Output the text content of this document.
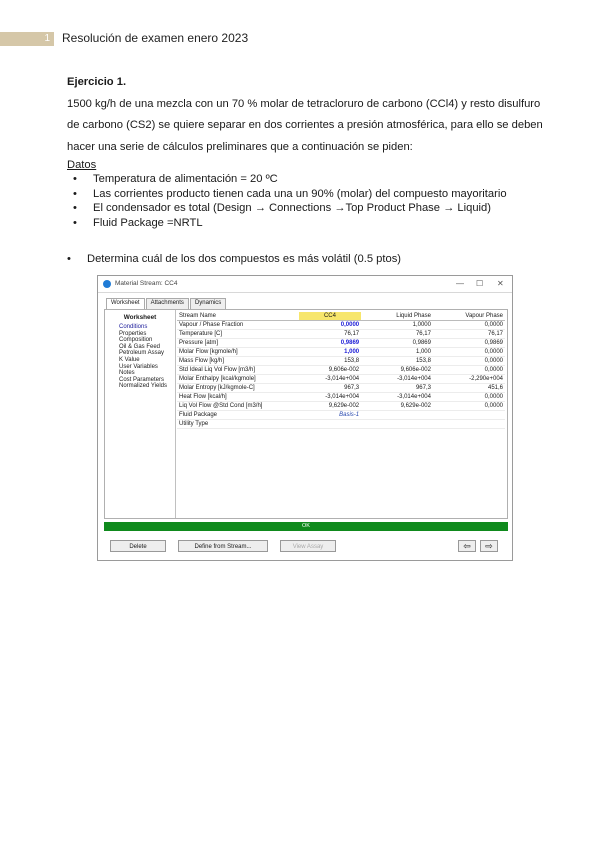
1	Resolución de examen enero 2023

Ejercicio 1.

1500 kg/h de una mezcla con un 70 % molar de tetracloruro de carbono (CCl4) y resto disulfuro

de carbono (CS2) se quiere separar en dos corrientes a presión atmosférica, para ello se deben

hacer una serie de cálculos preliminares que a continuación se piden:

Datos

• Temperatura de alimentación = 20 ºC
• Las corrientes producto tienen cada una un 90% (molar) del compuesto mayoritario
• El condensador es total (Design → Connections →Top Product Phase → Liquid)
• Fluid Package =NRTL
• Determina cuál de los dos compuestos es más volátil (0.5 ptos)
Material Stream: CC4	— ☐ ✕
Worksheet	Attachments	Dynamics
Worksheet
Conditions
Properties
Composition
Oil & Gas Feed
Petroleum Assay
K Value
User Variables
Notes
Cost Parameters
Normalized Yields
Stream Name	CC4	Liquid Phase	Vapour Phase
Vapour / Phase Fraction	0,0000	1,0000	0,0000
Temperature [C]	76,17	76,17	76,17
Pressure [atm]	0,9869	0,9869	0,9869
Molar Flow [kgmole/h]	1,000	1,000	0,0000
Mass Flow [kg/h]	153,8	153,8	0,0000
Std Ideal Liq Vol Flow [m3/h]	9,606e-002	9,606e-002	0,0000
Molar Enthalpy [kcal/kgmole]	-3,014e+004	-3,014e+004	-2,290e+004
Molar Entropy [kJ/kgmole-C]	967,3	967,3	451,6
Heat Flow [kcal/h]	-3,014e+004	-3,014e+004	0,0000
Liq Vol Flow @Std Cond [m3/h]	9,629e-002	9,629e-002	0,0000
Fluid Package	Basis-1		
Utility Type			
OK
Delete	Define from Stream...	View Assay	⇦	⇨
